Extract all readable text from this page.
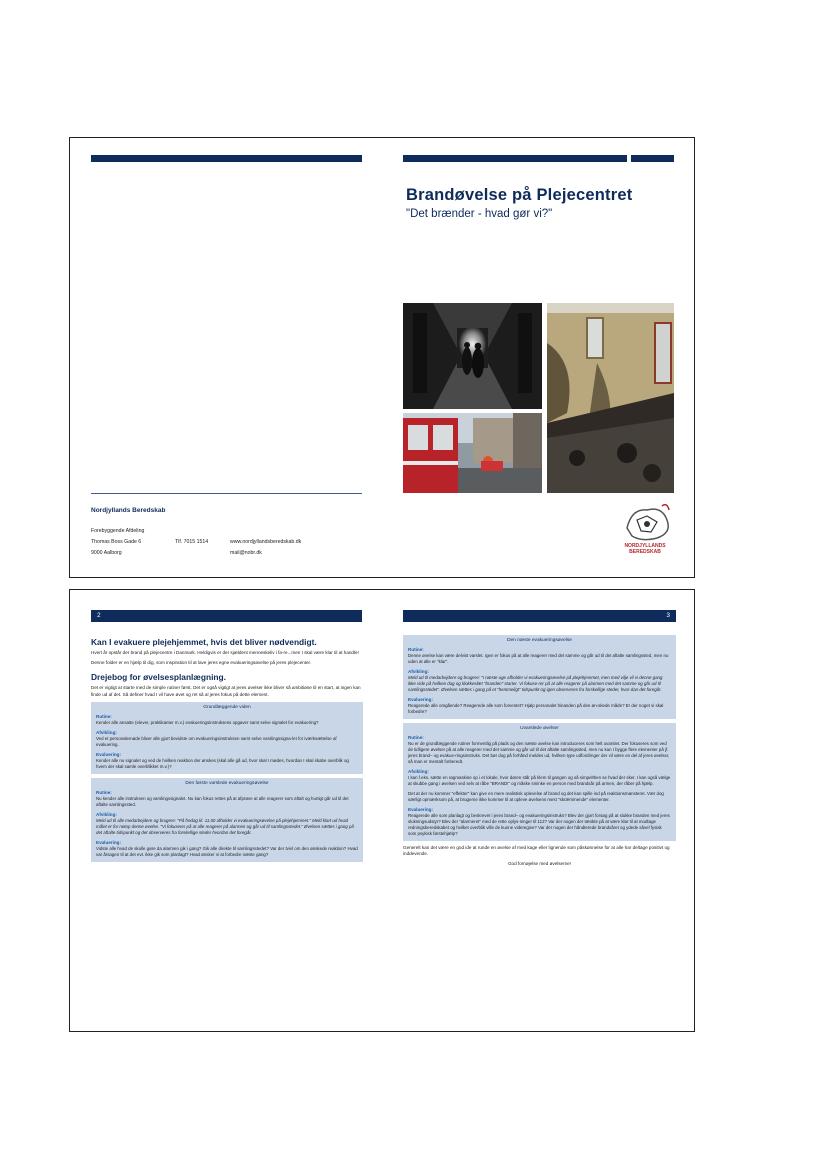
Brandøvelse på Plejecentret
"Det brænder - hvad gør vi?"
Nordjyllands Beredskab
Forebyggende Afdeling
Thomas Boss Gade 6	Tlf. 7015 1514	www.nordjyllandsberedskab.dk
9000 Aalborg	mail@nobr.dk
NORDJYLLANDS
BEREDSKAB
2	3
Kan I evakuere plejehjemmet, hvis det bliver nødvendigt.
Hvert år opstår der brand på plejecentre i Danmark. Heldigvis er der sjældent menneskeliv i fa-re...men I skal være klar til at handle!
Denne folder er en hjælp til dig, som inspiration til at lave jeres egne evakueringsøvelse på jeres plejecenter.
Drejebog for øvelsesplanlægning.
Det er vigtigt at starte med de simple rutiner først. Det er også vigtigt at jeres øvelser ikke bliver så ambitiøse til en start, at ingen kan finde ud af det. Så definer hvad I vil have øvet og ret så al jeres fokus på dette element.
Grundlæggende viden
Rutine:
Kender alle ansatte (elever, praktikanter m.v.) evakueringsinstruksens opgaver samt selve signalet for evakuering?
Afvikling:
Ved et personalemøde bliver alle gjort bevidste om evakueringsinstruksen samt selve varslingssigna-let for iværksættelse af evakuering.
Evaluering:
Kender alle nu signalet og ved de hvilken reaktion der ønskes (skal alle gå ud, hvor skal I mødes, hvordan I skal skabe overblik og hvem der skal samle overblikket m.v.)?
Den første varslede evakueringsøvelse
Rutine:
Nu kender alle instruksen og varslingssignalet. Nu kan fokus rettes på at afprøve at alle reagerer som aftalt og hurtigt går ud til det aftalte samlingssted.
Afvikling:
Meld ud til alle medarbejdere og brugere: "På fredag kl. 11.00 afholder vi evakueringsøvelse på plejehjemmet." Meld klart ud hvad målet er for netop denne øvelse. "Vi fokuserer på at alle reagerer på alarmen og går ud til samlingsstedet." Øvelsen sættes i gang på det aftalte tidspunkt og det observeres fra forskellige steder hvordan det foregår.
Evaluering:
Vidste alle hvad de skulle gøre da alarmen gik i gang? Gik alle direkte til samlingsstedet? Var der tvivl om den ønskede reaktion? Hvad var årsagen til at det evt. ikke gik som planlagt? Hvad ønsker vi at forbedre næste gang?
Den næste evakueringsøvelse
Rutine:
Denne øvelse kan være delvist varslet. Igen er fokus på at alle reagerer med det samme og går ud til det aftalte samlingssted, men nu uden at alle er "klar".
Afvikling:
Meld ud til medarbejdere og brugere: "I næste uge afholder vi evakueringsøvelse på plejehjemmet, men med vilje vil vi denne gang ikke vide på hvilken dag og klokkeslæt "branden" starter. Vi fokuse-rer på at alle reagerer på alarmen med det samme og går ud til samlingsstedet". Øvelsen sættes i gang på et "hemmeligt" tidspunkt og igen observeres fra forskellige steder, hvor-dan det foregår.
Evaluering:
Reagerede alle omgående? Reagerede alle som forventet? Hjalp personalet hinanden på den øn-skede måde? Er der noget vi skal forbedre?
Uvarslede øvelser
Rutine:
Nu er de grundlæggende rutiner formentlig på plads og den næste øvelse kan introduceres som helt uvarslet. Der fokuseres som ved de tidligere øvelser på at alle reagerer med det samme og går ud til det aftalte samlingssted, men nu kan I bygge flere elementer på jf. jeres brand– og evakue-ringsinstruks. Det bør dog på forhånd meldes ud, hvilken type udfordringer der vil være en del af jeres øvelser, så man er mentalt forberedt.
Afvikling:
I kan f.eks. sætte en røgmaskine op i et lokale, hvor døren står på klem til gangen og så simpelthen se hvad der sker. I kan også vælge at skubbe gang i øvelsen ved selv at råbe "BRAND!" og måske sminke en person med brandsår på armen, der råber på hjælp.
Det at der nu kommer "effekter" kan give en mere realistisk oplevelse af brand og det kan spille ind på reaktionsmønsteret. Vær dog særligt opmærksom på, at brugerne ikke kommer til at opleve øvelsens mest "skræmmende" elementer.
Evaluering:
Reagerede alle som planlagt og beskrevet i jeres brand– og evakueringsinstruks? Blev der gjort forsøg på at slukke branden med jeres slukningsudstyr? Blev der "alarmeret" med de rette oplys-ninger til 112? Var der nogen der tænkte på at være klar til at modtage redningsberedskabet og hvilket overblik ville de kunne videregive? Var der nogen der håndterede brandsåret og ydede såvel fysisk som psykisk førstehjælp?
Generelt kan det være en god ide at runde en øvelse af med kage eller lignende som påskønnelse for at alle har deltage positivt og inddevende.
God fornøjelse med øvelserne!
